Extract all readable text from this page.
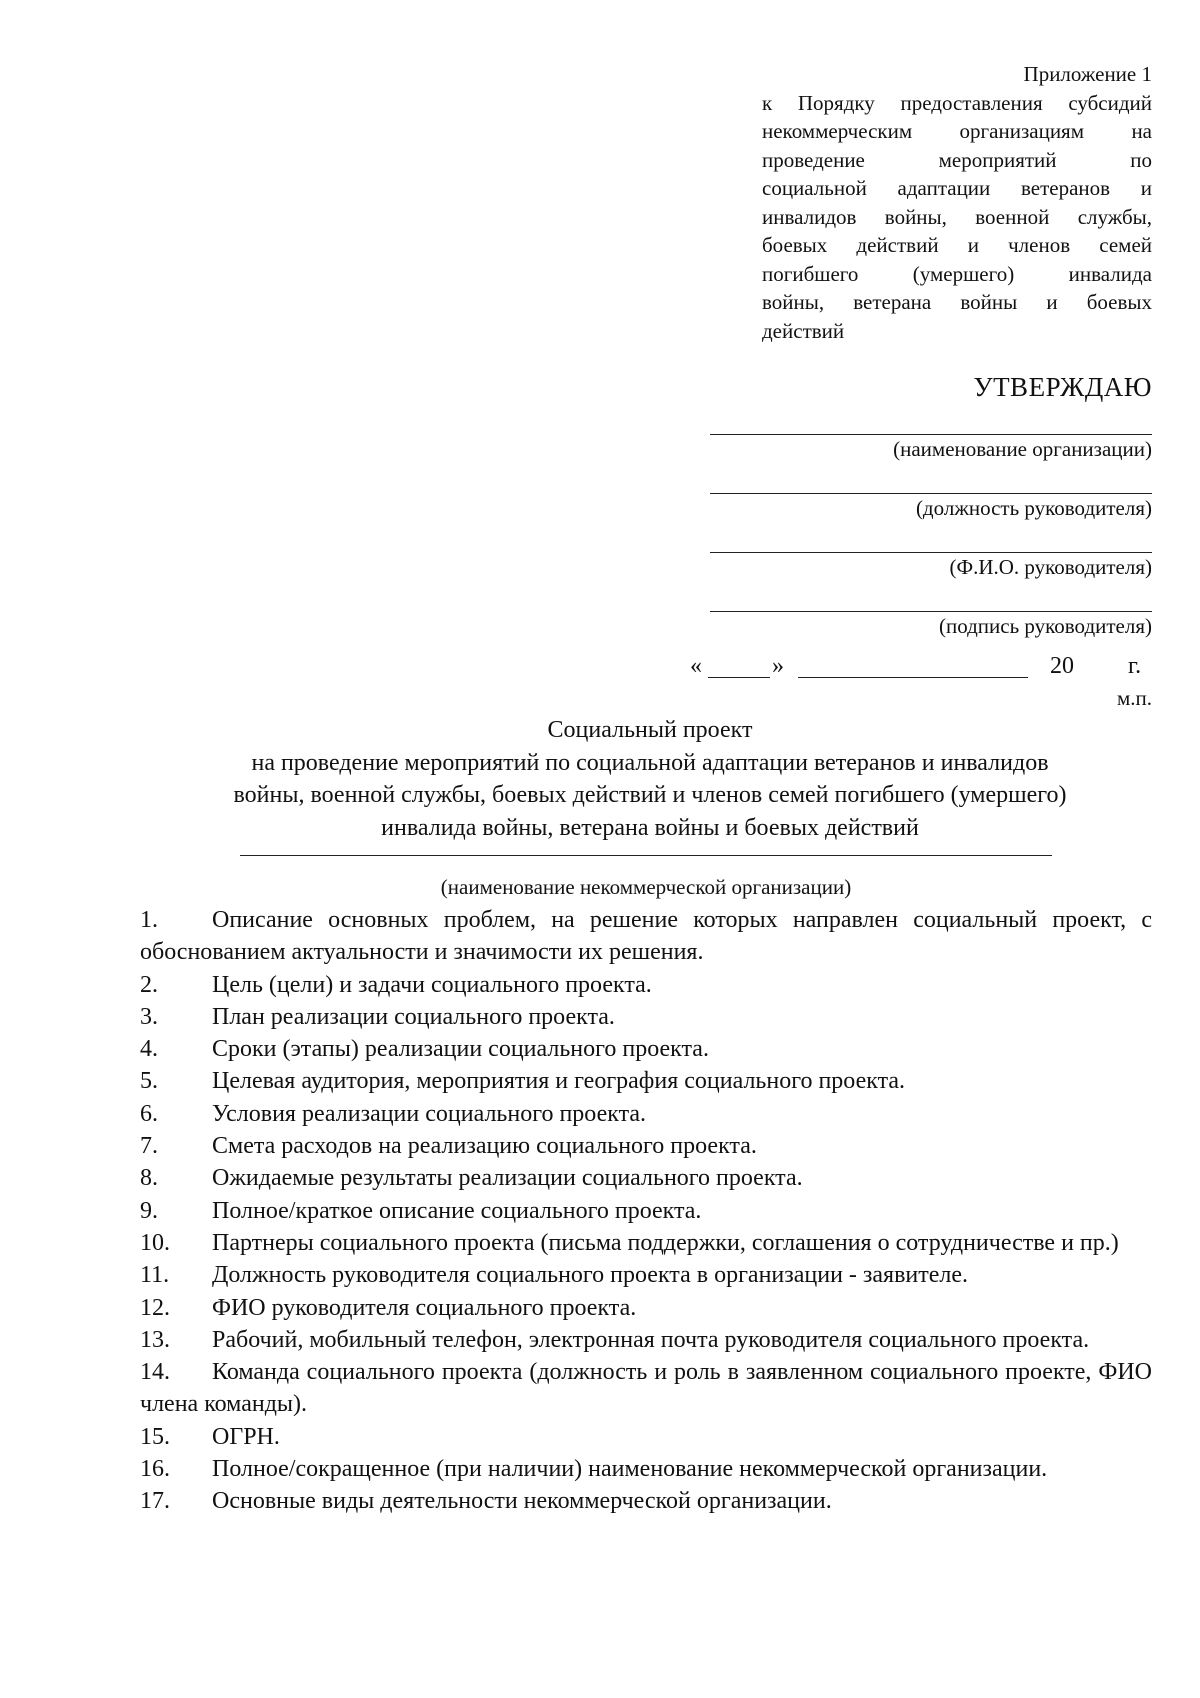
Приложение 1
к Порядку предоставления субсидий
некоммерческим организациям на
проведение мероприятий по
социальной адаптации ветеранов и
инвалидов войны, военной службы,
боевых действий и членов семей
погибшего (умершего) инвалида
войны, ветерана войны и боевых
действий
УТВЕРЖДАЮ
(наименование организации)
(должность руководителя)
(Ф.И.О. руководителя)
(подпись руководителя)
«	»	20 г.
м.п.
Социальный проект
на проведение мероприятий по социальной адаптации ветеранов и инвалидов
войны, военной службы, боевых действий и членов семей погибшего (умершего)
инвалида войны, ветерана войны и боевых действий
(наименование некоммерческой организации)
1. Описание основных проблем, на решение которых направлен социальный проект, с обоснованием актуальности и значимости их решения.
2. Цель (цели) и задачи социального проекта.
3. План реализации социального проекта.
4. Сроки (этапы) реализации социального проекта.
5. Целевая аудитория, мероприятия и география социального проекта.
6. Условия реализации социального проекта.
7. Смета расходов на реализацию социального проекта.
8. Ожидаемые результаты реализации социального проекта.
9. Полное/краткое описание социального проекта.
10. Партнеры социального проекта (письма поддержки, соглашения о сотрудничестве и пр.)
11. Должность руководителя социального проекта в организации - заявителе.
12. ФИО руководителя социального проекта.
13. Рабочий, мобильный телефон, электронная почта руководителя социального проекта.
14. Команда социального проекта (должность и роль в заявленном социального проекте, ФИО члена команды).
15. ОГРН.
16. Полное/сокращенное (при наличии) наименование некоммерческой организации.
17. Основные виды деятельности некоммерческой организации.
